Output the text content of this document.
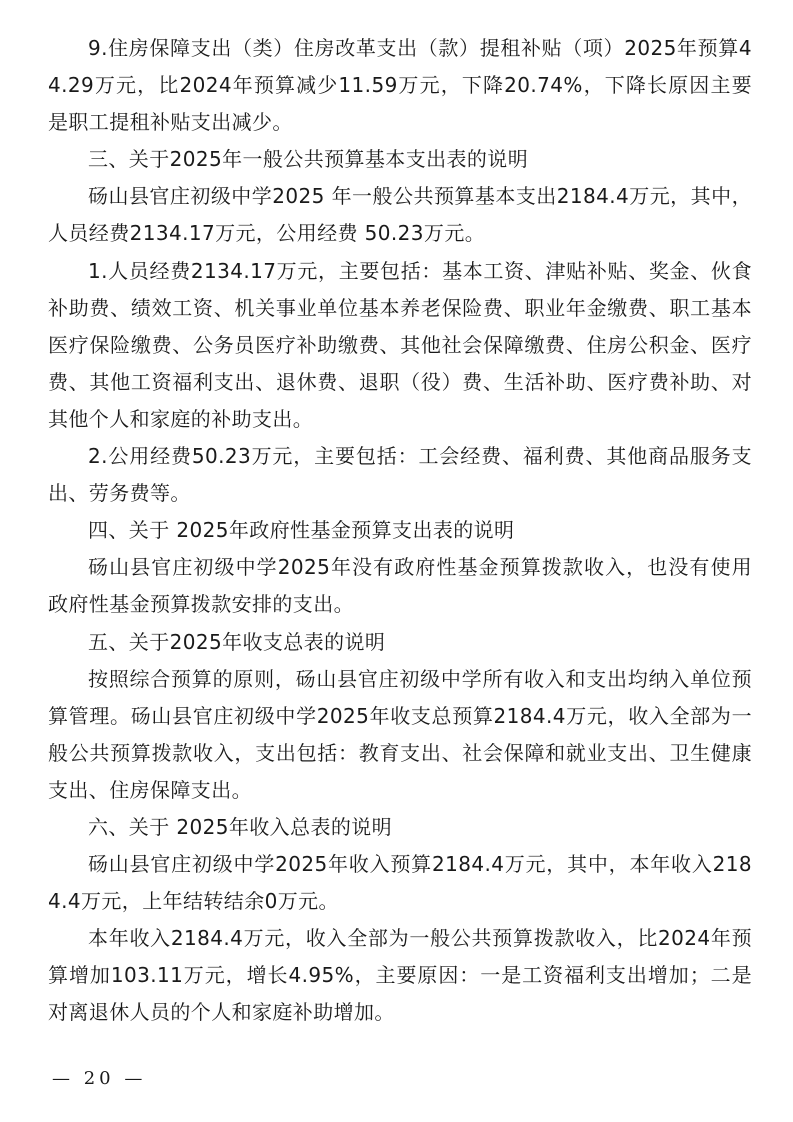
9.住房保障支出（类）住房改革支出（款）提租补贴（项）2025年预算44.29万元，比2024年预算减少11.59万元，下降20.74%，下降长原因主要是职工提租补贴支出减少。

三、关于2025年一般公共预算基本支出表的说明

砀山县官庄初级中学2025 年一般公共预算基本支出2184.4万元，其中，人员经费2134.17万元，公用经费 50.23万元。

1.人员经费2134.17万元，主要包括：基本工资、津贴补贴、奖金、伙食补助费、绩效工资、机关事业单位基本养老保险费、职业年金缴费、职工基本医疗保险缴费、公务员医疗补助缴费、其他社会保障缴费、住房公积金、医疗费、其他工资福利支出、退休费、退职（役）费、生活补助、医疗费补助、对其他个人和家庭的补助支出。

2.公用经费50.23万元，主要包括：工会经费、福利费、其他商品服务支出、劳务费等。

四、关于 2025年政府性基金预算支出表的说明

砀山县官庄初级中学2025年没有政府性基金预算拨款收入，也没有使用政府性基金预算拨款安排的支出。

五、关于2025年收支总表的说明

按照综合预算的原则，砀山县官庄初级中学所有收入和支出均纳入单位预算管理。砀山县官庄初级中学2025年收支总预算2184.4万元，收入全部为一般公共预算拨款收入，支出包括：教育支出、社会保障和就业支出、卫生健康支出、住房保障支出。

六、关于 2025年收入总表的说明

砀山县官庄初级中学2025年收入预算2184.4万元，其中，本年收入2184.4万元，上年结转结余0万元。

本年收入2184.4万元，收入全部为一般公共预算拨款收入，比2024年预算增加103.11万元，增长4.95%，主要原因：一是工资福利支出增加；二是对离退休人员的个人和家庭补助增加。

— 20 —
